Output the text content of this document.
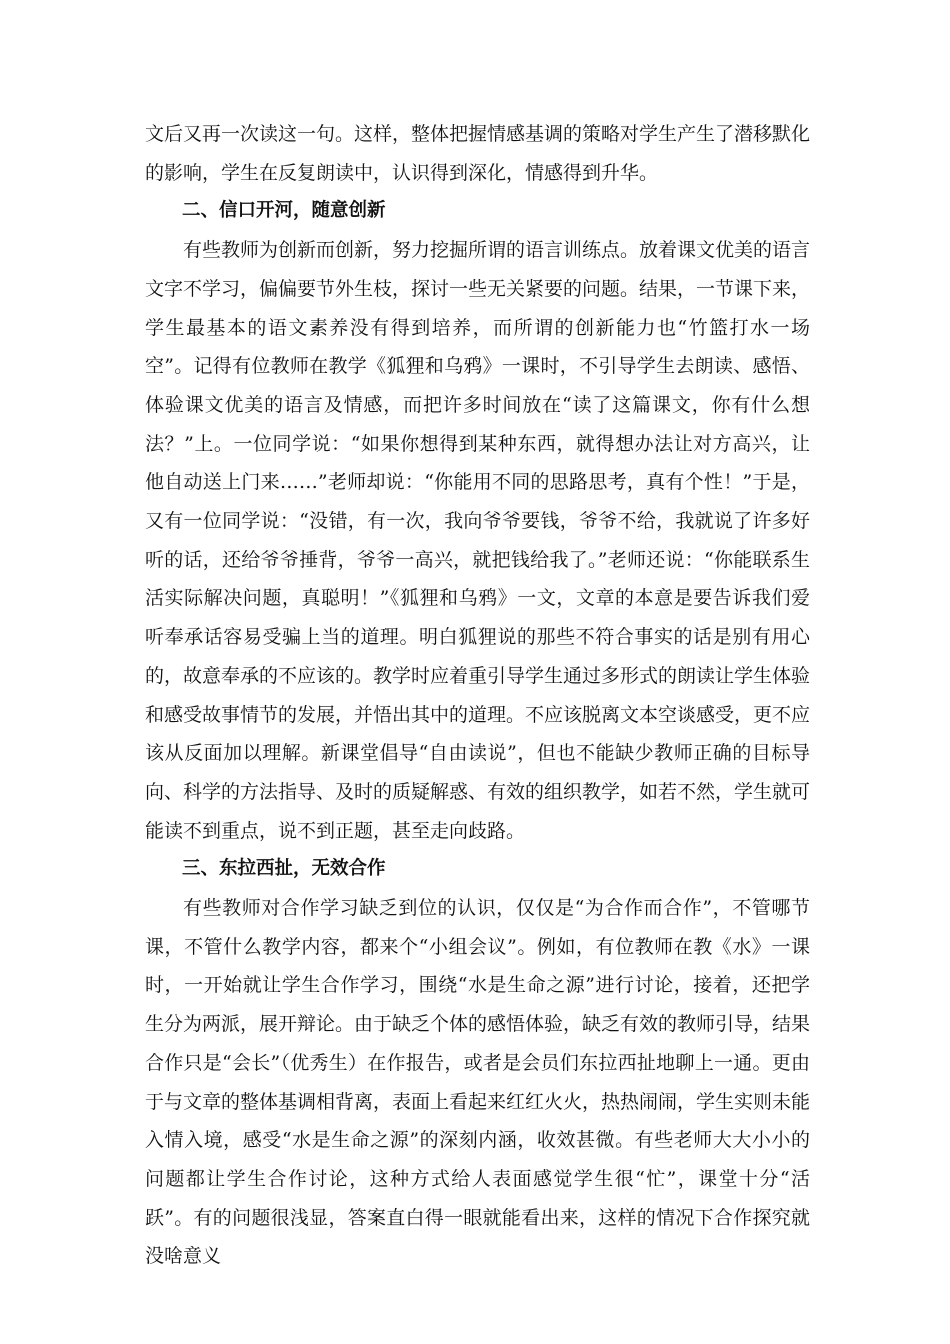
文后又再一次读这一句。这样，整体把握情感基调的策略对学生产生了潜移默化的影响，学生在反复朗读中，认识得到深化，情感得到升华。

二、信口开河，随意创新

有些教师为创新而创新，努力挖掘所谓的语言训练点。放着课文优美的语言文字不学习，偏偏要节外生枝，探讨一些无关紧要的问题。结果，一节课下来，学生最基本的语文素养没有得到培养，而所谓的创新能力也“竹篮打水一场空”。记得有位教师在教学《狐狸和乌鸦》一课时，不引导学生去朗读、感悟、体验课文优美的语言及情感，而把许多时间放在“读了这篇课文，你有什么想法？”上。一位同学说：“如果你想得到某种东西，就得想办法让对方高兴，让他自动送上门来……”老师却说：“你能用不同的思路思考，真有个性！”于是，又有一位同学说：“没错，有一次，我向爷爷要钱，爷爷不给，我就说了许多好听的话，还给爷爷捶背，爷爷一高兴，就把钱给我了。”老师还说：“你能联系生活实际解决问题，真聪明！”《狐狸和乌鸦》一文，文章的本意是要告诉我们爱听奉承话容易受骗上当的道理。明白狐狸说的那些不符合事实的话是别有用心的，故意奉承的不应该的。教学时应着重引导学生通过多形式的朗读让学生体验和感受故事情节的发展，并悟出其中的道理。不应该脱离文本空谈感受，更不应该从反面加以理解。新课堂倡导“自由读说”，但也不能缺少教师正确的目标导向、科学的方法指导、及时的质疑解惑、有效的组织教学，如若不然，学生就可能读不到重点，说不到正题，甚至走向歧路。

三、东拉西扯，无效合作

有些教师对合作学习缺乏到位的认识，仅仅是“为合作而合作”，不管哪节课，不管什么教学内容，都来个“小组会议”。例如，有位教师在教《水》一课时，一开始就让学生合作学习，围绕“水是生命之源”进行讨论，接着，还把学生分为两派，展开辩论。由于缺乏个体的感悟体验，缺乏有效的教师引导，结果合作只是“会长”（优秀生）在作报告，或者是会员们东拉西扯地聊上一通。更由于与文章的整体基调相背离，表面上看起来红红火火，热热闹闹，学生实则未能入情入境，感受“水是生命之源”的深刻内涵，收效甚微。有些老师大大小小的问题都让学生合作讨论，这种方式给人表面感觉学生很“忙”，课堂十分“活跃”。有的问题很浅显，答案直白得一眼就能看出来，这样的情况下合作探究就没啥意义
